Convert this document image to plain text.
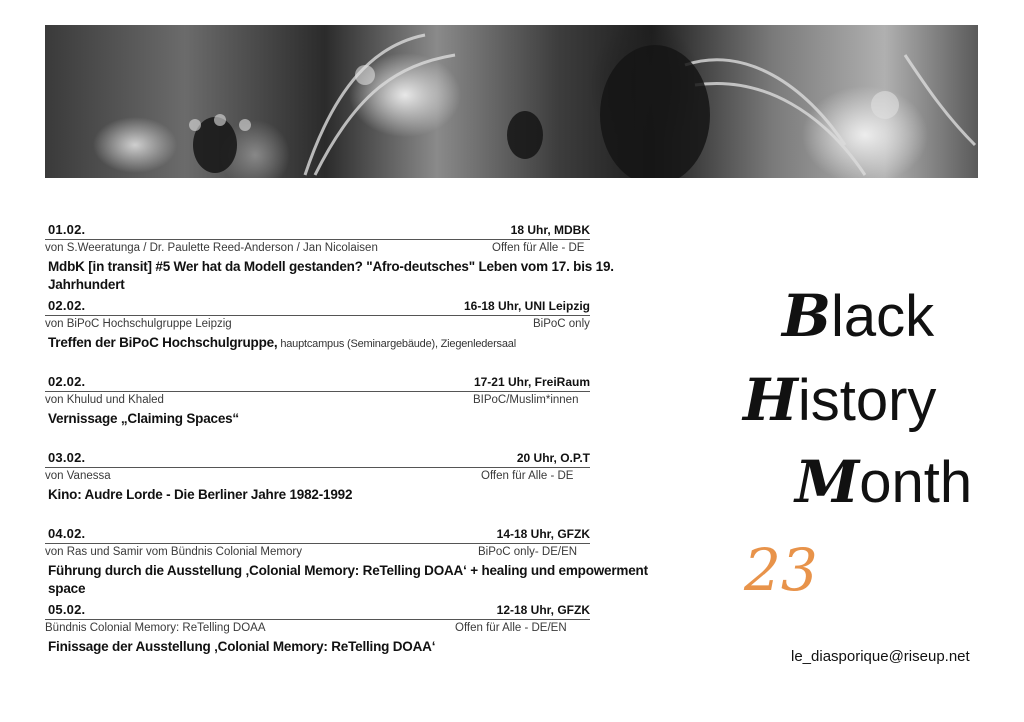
01.02.	18 Uhr, MDBK
von S.Weeratunga / Dr. Paulette Reed-Anderson / Jan Nicolaisen	Offen für Alle - DE
MdbK [in transit] #5 Wer hat da Modell gestanden? "Afro-deutsches" Leben vom 17. bis 19. Jahrhundert
02.02.	16-18 Uhr, UNI Leipzig
von BiPoC Hochschulgruppe Leipzig	BiPoC only
Treffen der BiPoC Hochschulgruppe, hauptcampus (Seminargebäude), Ziegenledersaal
02.02.	17-21 Uhr, FreiRaum
von Khulud und Khaled	BIPoC/Muslim*innen
Vernissage „Claiming Spaces“
03.02.	20 Uhr, O.P.T
von Vanessa	Offen für Alle - DE
Kino: Audre Lorde - Die Berliner Jahre 1982-1992
04.02.	14-18 Uhr, GFZK
von Ras und Samir vom Bündnis Colonial Memory	BiPoC only- DE/EN
Führung durch die Ausstellung ‚Colonial Memory: ReTelling DOAA‘ + healing und empowerment space
05.02.	12-18 Uhr, GFZK
Bündnis Colonial Memory: ReTelling DOAA	Offen für Alle - DE/EN
Finissage der Ausstellung ‚Colonial Memory: ReTelling DOAA‘
Black
History
Month
23
le_diasporique@riseup.net
